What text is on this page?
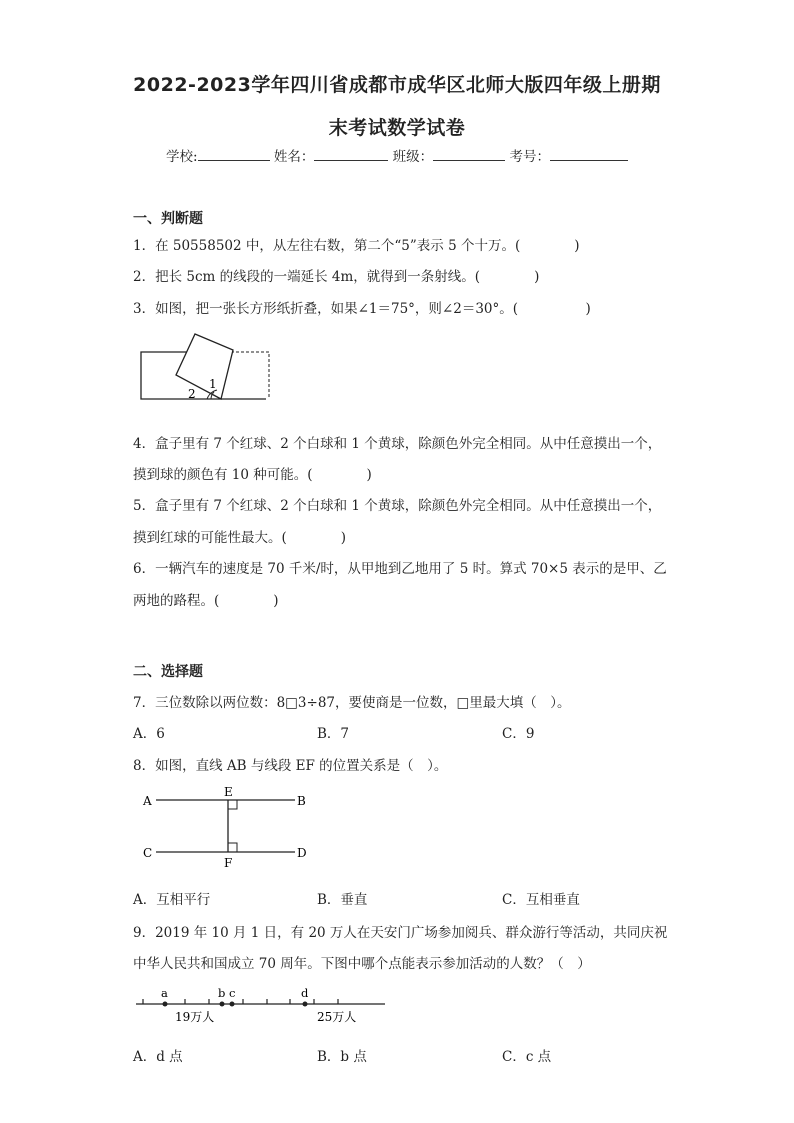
2022-2023学年四川省成都市成华区北师大版四年级上册期
末考试数学试卷
学校:	姓名：	班级：	考号：
一、判断题
1．在 50558502 中，从左往右数，第二个“5”表示 5 个十万。(　　　　)
2．把长 5cm 的线段的一端延长 4m，就得到一条射线。(　　　　)
3．如图，把一张长方形纸折叠，如果∠1＝75°，则∠2＝30°。(　　　　　)
1
2
4．盒子里有 7 个红球、2 个白球和 1 个黄球，除颜色外完全相同。从中任意摸出一个，
摸到球的颜色有 10 种可能。(　　　　)
5．盒子里有 7 个红球、2 个白球和 1 个黄球，除颜色外完全相同。从中任意摸出一个，
摸到红球的可能性最大。(　　　　)
6．一辆汽车的速度是 70 千米/时，从甲地到乙地用了 5 时。算式 70×5 表示的是甲、乙
两地的路程。(　　　　)
二、选择题
7．三位数除以两位数：8□3÷87，要使商是一位数，□里最大填（　）。
A．6	B．7	C．9
8．如图，直线 AB 与线段 EF 的位置关系是（　）。
A	B
C	D
E
F
A．互相平行	B．垂直	C．互相垂直
9．2019 年 10 月 1 日，有 20 万人在天安门广场参加阅兵、群众游行等活动，共同庆祝
中华人民共和国成立 70 周年。下图中哪个点能表示参加活动的人数？（　）
a	b c	d
19万人	25万人
A．d 点	B．b 点	C．c 点
